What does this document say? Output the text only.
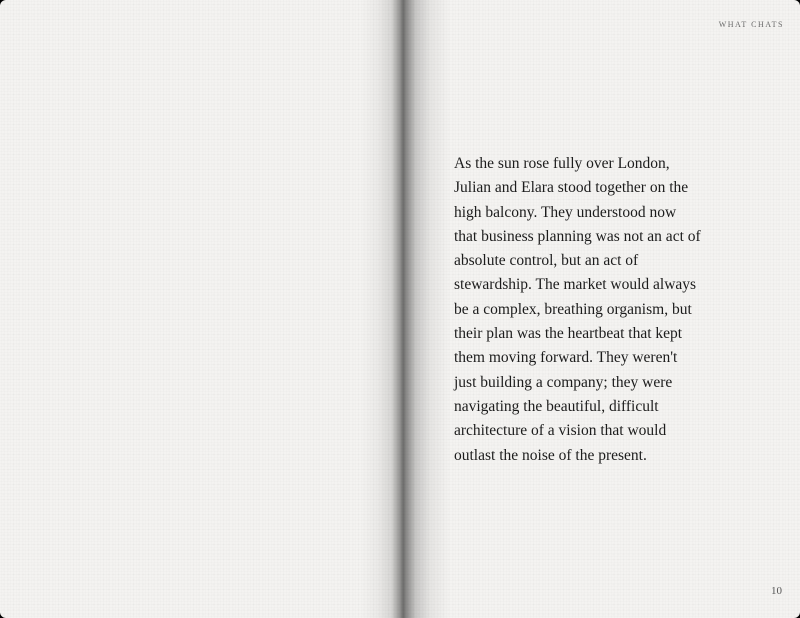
WHAT CHATS
As the sun rose fully over London,
Julian and Elara stood together on the
high balcony. They understood now
that business planning was not an act of
absolute control, but an act of
stewardship. The market would always
be a complex, breathing organism, but
their plan was the heartbeat that kept
them moving forward. They weren't
just building a company; they were
navigating the beautiful, difficult
architecture of a vision that would
outlast the noise of the present.
10
